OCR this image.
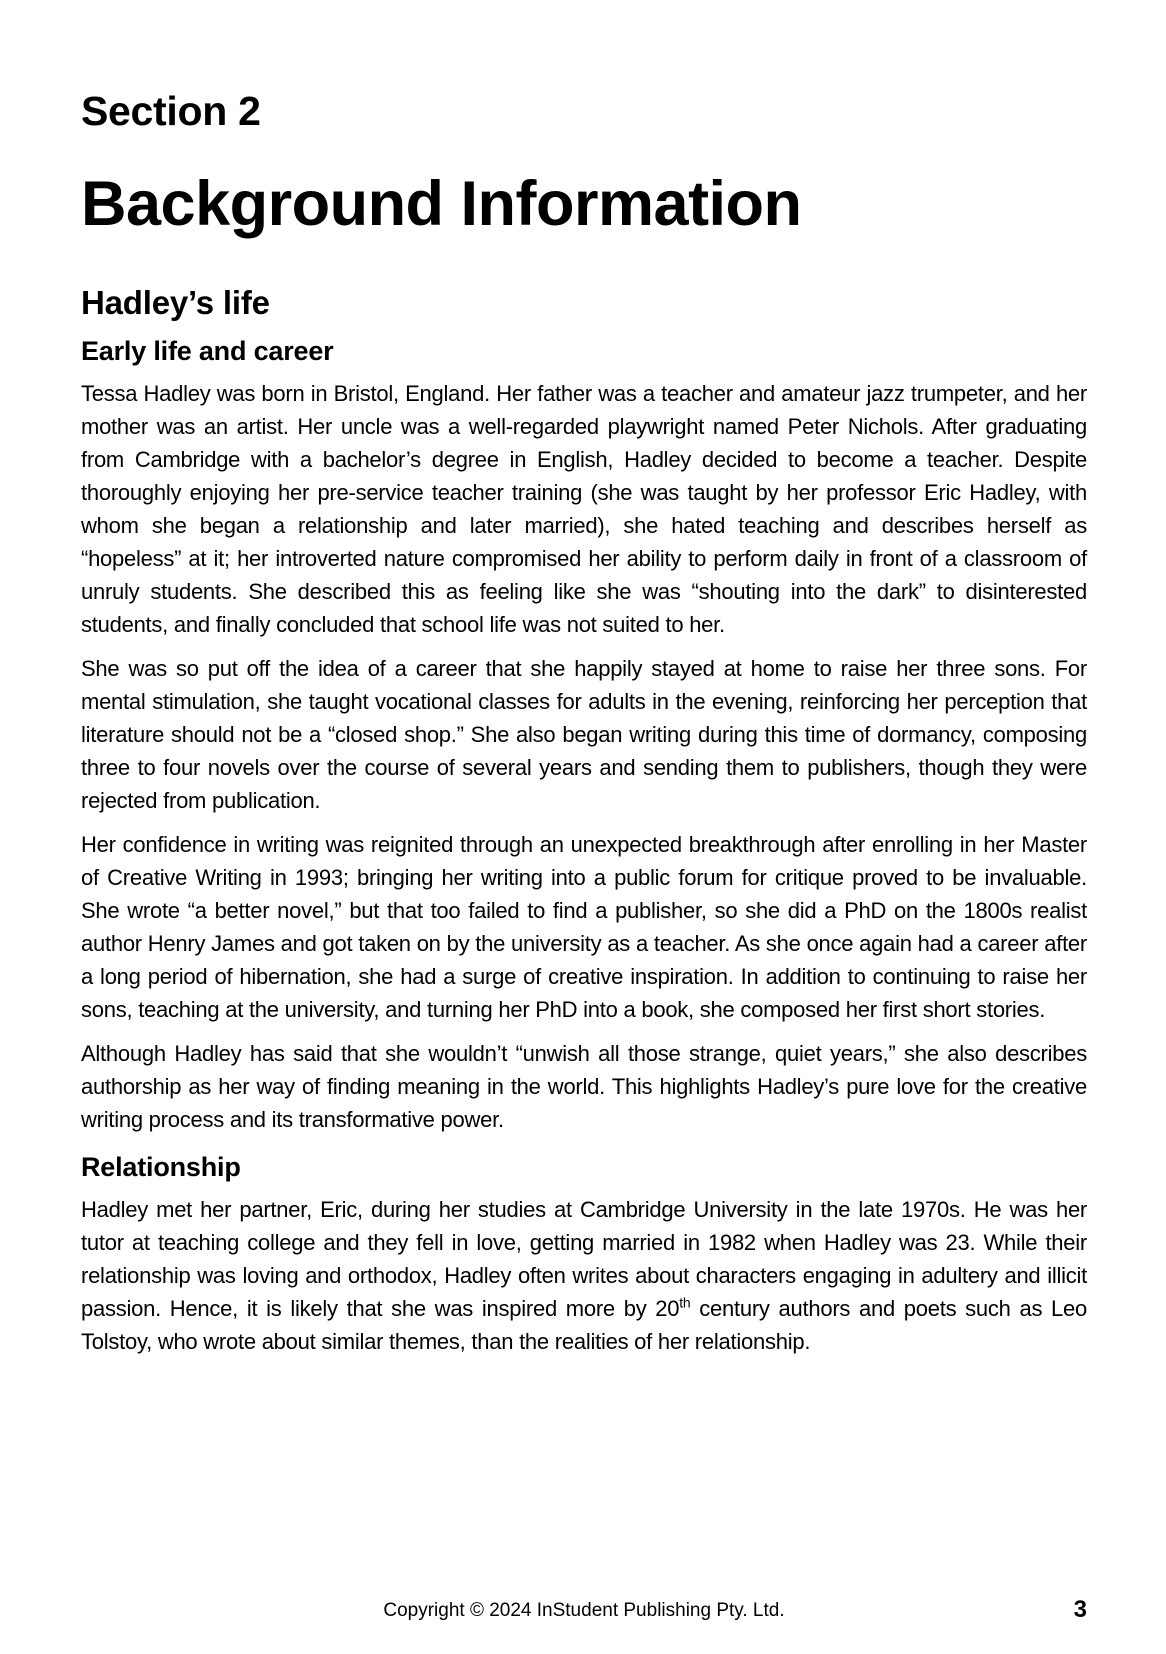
Section 2
Background Information
Hadley’s life
Early life and career

Tessa Hadley was born in Bristol, England. Her father was a teacher and amateur jazz trumpeter, and her mother was an artist. Her uncle was a well-regarded playwright named Peter Nichols. After graduating from Cambridge with a bachelor’s degree in English, Hadley decided to become a teacher. Despite thoroughly enjoying her pre-service teacher training (she was taught by her professor Eric Hadley, with whom she began a relationship and later married), she hated teaching and describes herself as “hopeless” at it; her introverted nature compromised her ability to perform daily in front of a classroom of unruly students. She described this as feeling like she was “shouting into the dark” to disinterested students, and finally concluded that school life was not suited to her.

She was so put off the idea of a career that she happily stayed at home to raise her three sons. For mental stimulation, she taught vocational classes for adults in the evening, reinforcing her perception that literature should not be a “closed shop.” She also began writing during this time of dormancy, composing three to four novels over the course of several years and sending them to publishers, though they were rejected from publication.

Her confidence in writing was reignited through an unexpected breakthrough after enrolling in her Master of Creative Writing in 1993; bringing her writing into a public forum for critique proved to be invaluable. She wrote “a better novel,” but that too failed to find a publisher, so she did a PhD on the 1800s realist author Henry James and got taken on by the university as a teacher. As she once again had a career after a long period of hibernation, she had a surge of creative inspiration. In addition to continuing to raise her sons, teaching at the university, and turning her PhD into a book, she composed her first short stories.

Although Hadley has said that she wouldn’t “unwish all those strange, quiet years,” she also describes authorship as her way of finding meaning in the world. This highlights Hadley’s pure love for the creative writing process and its transformative power.

Relationship

Hadley met her partner, Eric, during her studies at Cambridge University in the late 1970s. He was her tutor at teaching college and they fell in love, getting married in 1982 when Hadley was 23. While their relationship was loving and orthodox, Hadley often writes about characters engaging in adultery and illicit passion. Hence, it is likely that she was inspired more by 20th century authors and poets such as Leo Tolstoy, who wrote about similar themes, than the realities of her relationship.

Copyright © 2024 InStudent Publishing Pty. Ltd.	3
